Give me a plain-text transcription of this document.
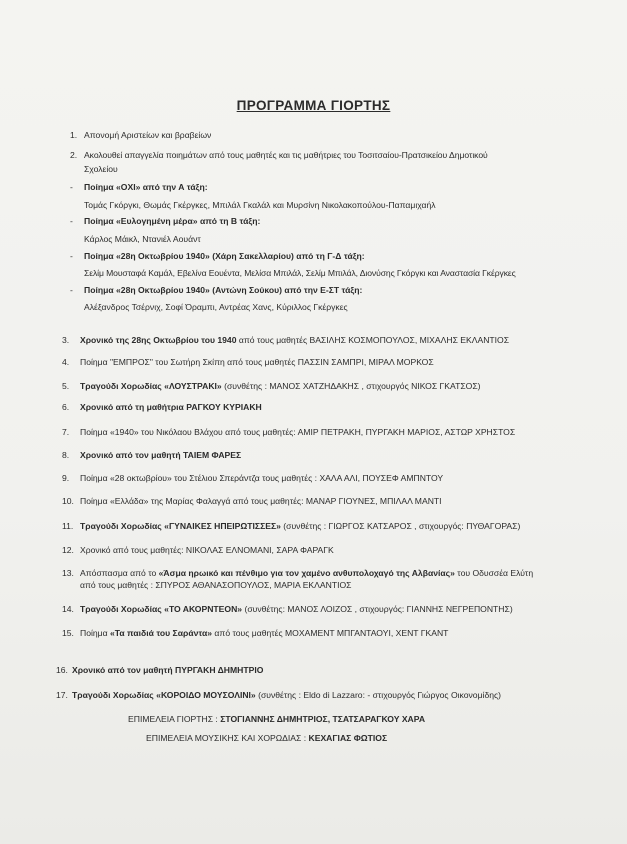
ΠΡΟΓΡΑΜΜΑ ΓΙΟΡΤΗΣ
1. Απονομή Αριστείων και βραβείων
2. Ακολουθεί απαγγελία ποιημάτων από τους μαθητές και τις μαθήτριες του Τοσιτσαίου-Πρατσικείου Δημοτικού
Σχολείου
- Ποίημα «ΟΧΙ» από την Α τάξη:
Τομάς Γκόργκι, Θωμάς Γκέργκες, Μπιλάλ Γκαλάλ και Μυρσίνη Νικολακοπούλου-Παπαμιχαήλ
- Ποίημα «Ευλογημένη μέρα» από τη Β τάξη:
Κάρλος Μάικλ, Ντανιέλ Αουάντ
- Ποίημα «28η Οκτωβρίου 1940» (Χάρη Σακελλαρίου) από τη Γ-Δ τάξη:
Σελίμ Μουσταφά Καμάλ, Εβελίνα Εουέντα, Μελίσα Μπιλάλ, Σελίμ Μπιλάλ, Διονύσης Γκόργκι και Αναστασία Γκέργκες
- Ποίημα «28η Οκτωβρίου 1940» (Αντώνη Σούκου) από την Ε-ΣΤ τάξη:
Αλέξανδρος Τσέρνιχ, Σοφί Όραμπι, Αντρέας Χανς, Κύριλλος Γκέργκες
3. Χρονικό της 28ης Οκτωβρίου του 1940 από τους μαθητές ΒΑΣΙΛΗΣ ΚΟΣΜΟΠΟΥΛΟΣ, ΜΙΧΑΛΗΣ ΕΚΛΑΝΤΙΟΣ
4. Ποίημα "ΕΜΠΡΟΣ" του Σωτήρη Σκίπη από τους μαθητές ΠΑΣΣΙΝ ΣΑΜΠΡΙ, ΜΙΡΑΛ ΜΟΡΚΟΣ
5. Τραγούδι Χορωδίας «ΛΟΥΣΤΡΑΚΙ» (συνθέτης : ΜΑΝΟΣ ΧΑΤΖΗΔΑΚΗΣ , στιχουργός ΝΙΚΟΣ ΓΚΑΤΣΟΣ)
6. Χρονικό από τη μαθήτρια ΡΑΓΚΟΥ ΚΥΡΙΑΚΗ
7. Ποίημα «1940» του Νικόλαου Βλάχου από τους μαθητές: ΑΜΙΡ ΠΕΤΡΑΚΗ, ΠΥΡΓΑΚΗ ΜΑΡΙΟΣ, ΑΣΤΩΡ ΧΡΗΣΤΟΣ
8. Χρονικό από τον μαθητή ΤΑΙΕΜ ΦΑΡΕΣ
9. Ποίημα «28 οκτωβρίου» του Στέλιου Σπεράντζα τους μαθητές : ΧΑΛΑ ΑΛΙ, ΠΟΥΣΕΦ ΑΜΠΝΤΟΥ
10. Ποίημα «Ελλάδα» της Μαρίας Φαλαγγά από τους μαθητές: ΜΑΝΑΡ ΓΙΟΥΝΕΣ, ΜΠΙΛΑΛ ΜΑΝΤΙ
11. Τραγούδι Χορωδίας «ΓΥΝΑΙΚΕΣ ΗΠΕΙΡΩΤΙΣΣΕΣ» (συνθέτης : ΓΙΩΡΓΟΣ ΚΑΤΣΑΡΟΣ , στιχουργός: ΠΥΘΑΓΟΡΑΣ)
12. Χρονικό από τους μαθητές: ΝΙΚΟΛΑΣ ΕΛΝΟΜΑΝΙ, ΣΑΡΑ ΦΑΡΑΓΚ
13. Απόσπασμα από το «Άσμα ηρωικό και πένθιμο για τον χαμένο ανθυπολοχαγό της Αλβανίας» του Οδυσσέα Ελύτη
από τους μαθητές : ΣΠΥΡΟΣ ΑΘΑΝΑΣΟΠΟΥΛΟΣ, ΜΑΡΙΑ ΕΚΛΑΝΤΙΟΣ
14. Τραγούδι Χορωδίας «ΤΟ ΑΚΟΡΝΤΕΟΝ» (συνθέτης: ΜΑΝΟΣ ΛΟΙΖΟΣ , στιχουργός: ΓΙΑΝΝΗΣ ΝΕΓΡΕΠΟΝΤΗΣ)
15. Ποίημα «Τα παιδιά του Σαράντα» από τους μαθητές ΜΟΧΑΜΕΝΤ ΜΠΓΑΝΤΑΟΥΙ, ΧΕΝΤ ΓΚΑΝΤ
16. Χρονικό από τον μαθητή ΠΥΡΓΑΚΗ ΔΗΜΗΤΡΙΟ
17. Τραγούδι Χορωδίας «ΚΟΡΟΙΔΟ ΜΟΥΣΟΛΙΝΙ» (συνθέτης : Eldo di Lazzaro: - στιχουργός Γιώργος Οικονομίδης)
ΕΠΙΜΕΛΕΙΑ ΓΙΟΡΤΗΣ : ΣΤΟΓΙΑΝΝΗΣ ΔΗΜΗΤΡΙΟΣ, ΤΣΑΤΣΑΡΑΓΚΟΥ ΧΑΡΑ
ΕΠΙΜΕΛΕΙΑ ΜΟΥΣΙΚΗΣ ΚΑΙ ΧΟΡΩΔΙΑΣ : ΚΕΧΑΓΙΑΣ ΦΩΤΙΟΣ
